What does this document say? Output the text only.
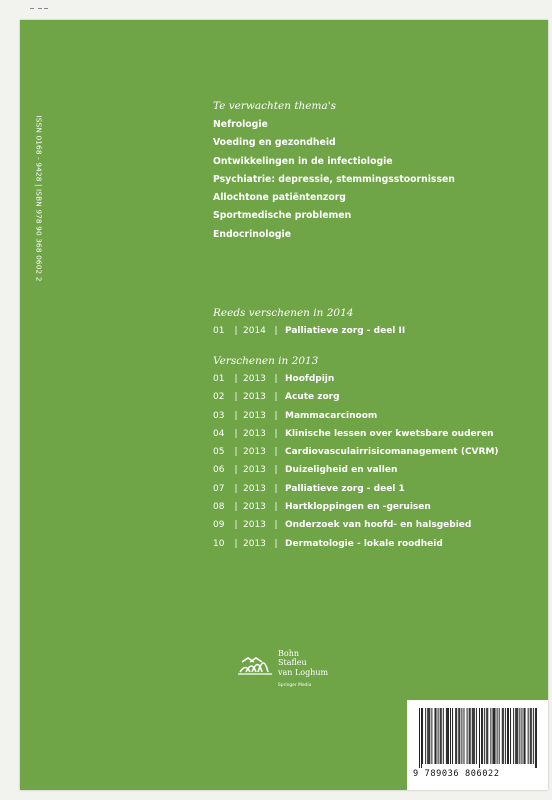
ISSN 0168 - 9428 | ISBN 978 90 368 0602 2
Te verwachten thema's
Nefrologie
Voeding en gezondheid
Ontwikkelingen in de infectiologie
Psychiatrie: depressie, stemmingsstoornissen
Allochtone patiëntenzorg
Sportmedische problemen
Endocrinologie
Reeds verschenen in 2014
01	| 2014 | Palliatieve zorg - deel II
Verschenen in 2013
01	| 2013 | Hoofdpijn
02	| 2013 | Acute zorg
03	| 2013 | Mammacarcinoom
04	| 2013 | Klinische lessen over kwetsbare ouderen
05	| 2013 | Cardiovasculairrisicomanagement (CVRM)
06	| 2013 | Duizeligheid en vallen
07	| 2013 | Palliatieve zorg - deel 1
08	| 2013 | Hartkloppingen en -geruisen
09	| 2013 | Onderzoek van hoofd- en halsgebied
10	| 2013 | Dermatologie - lokale roodheid
Bohn
Stafleu
van Loghum
Springer Media
9 789036 806022
